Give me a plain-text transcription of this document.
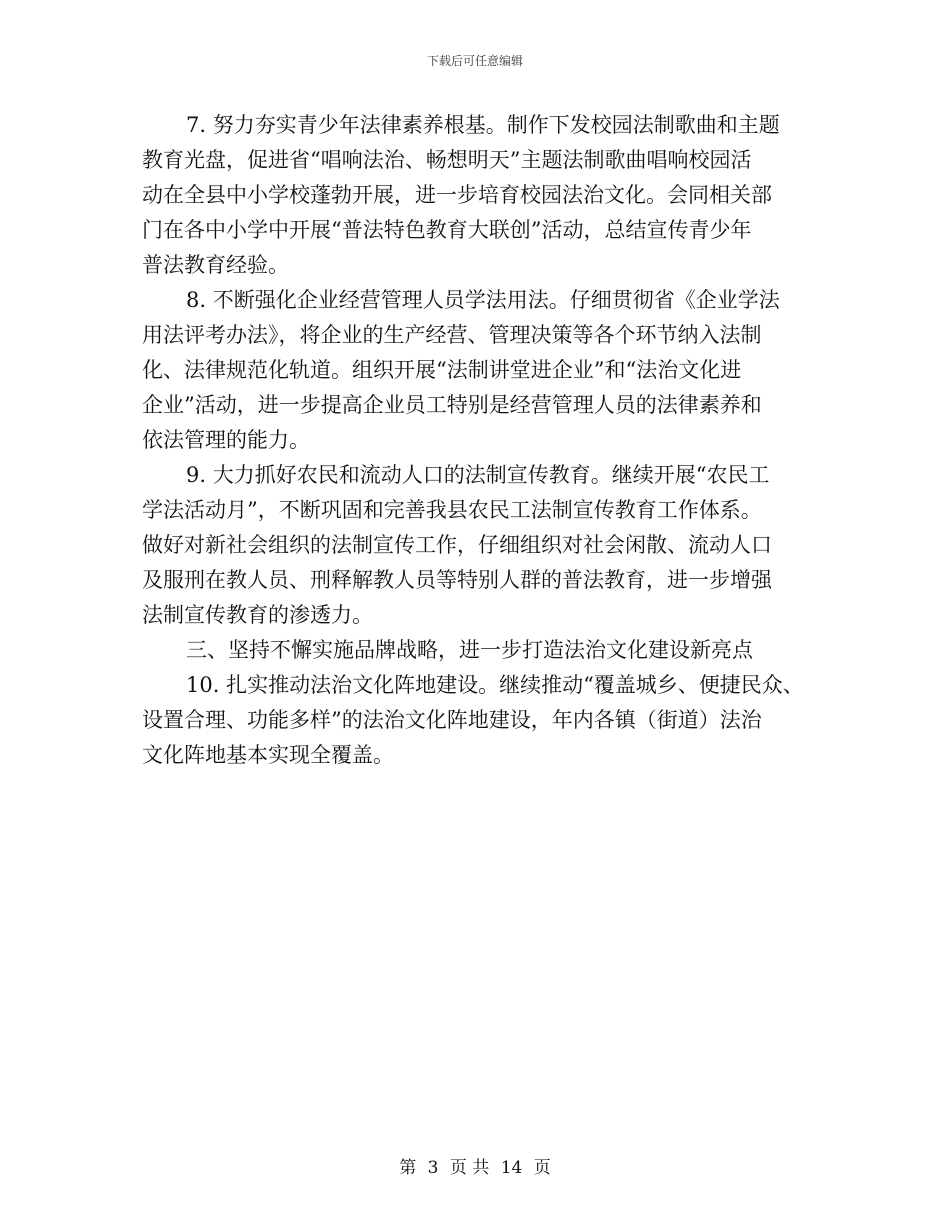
下载后可任意编辑
7. 努力夯实青少年法律素养根基。制作下发校园法制歌曲和主题
教育光盘，促进省“唱响法治、畅想明天”主题法制歌曲唱响校园活
动在全县中小学校蓬勃开展，进一步培育校园法治文化。会同相关部
门在各中小学中开展“普法特色教育大联创”活动，总结宣传青少年
普法教育经验。
8. 不断强化企业经营管理人员学法用法。仔细贯彻省《企业学法
用法评考办法》，将企业的生产经营、管理决策等各个环节纳入法制
化、法律规范化轨道。组织开展“法制讲堂进企业”和“法治文化进
企业”活动，进一步提高企业员工特别是经营管理人员的法律素养和
依法管理的能力。
9. 大力抓好农民和流动人口的法制宣传教育。继续开展“农民工
学法活动月”，不断巩固和完善我县农民工法制宣传教育工作体系。
做好对新社会组织的法制宣传工作，仔细组织对社会闲散、流动人口
及服刑在教人员、刑释解教人员等特别人群的普法教育，进一步增强
法制宣传教育的渗透力。
三、坚持不懈实施品牌战略，进一步打造法治文化建设新亮点
10. 扎实推动法治文化阵地建设。继续推动“覆盖城乡、便捷民众、
设置合理、功能多样”的法治文化阵地建设，年内各镇（街道）法治
文化阵地基本实现全覆盖。
第 3 页 共 14 页
